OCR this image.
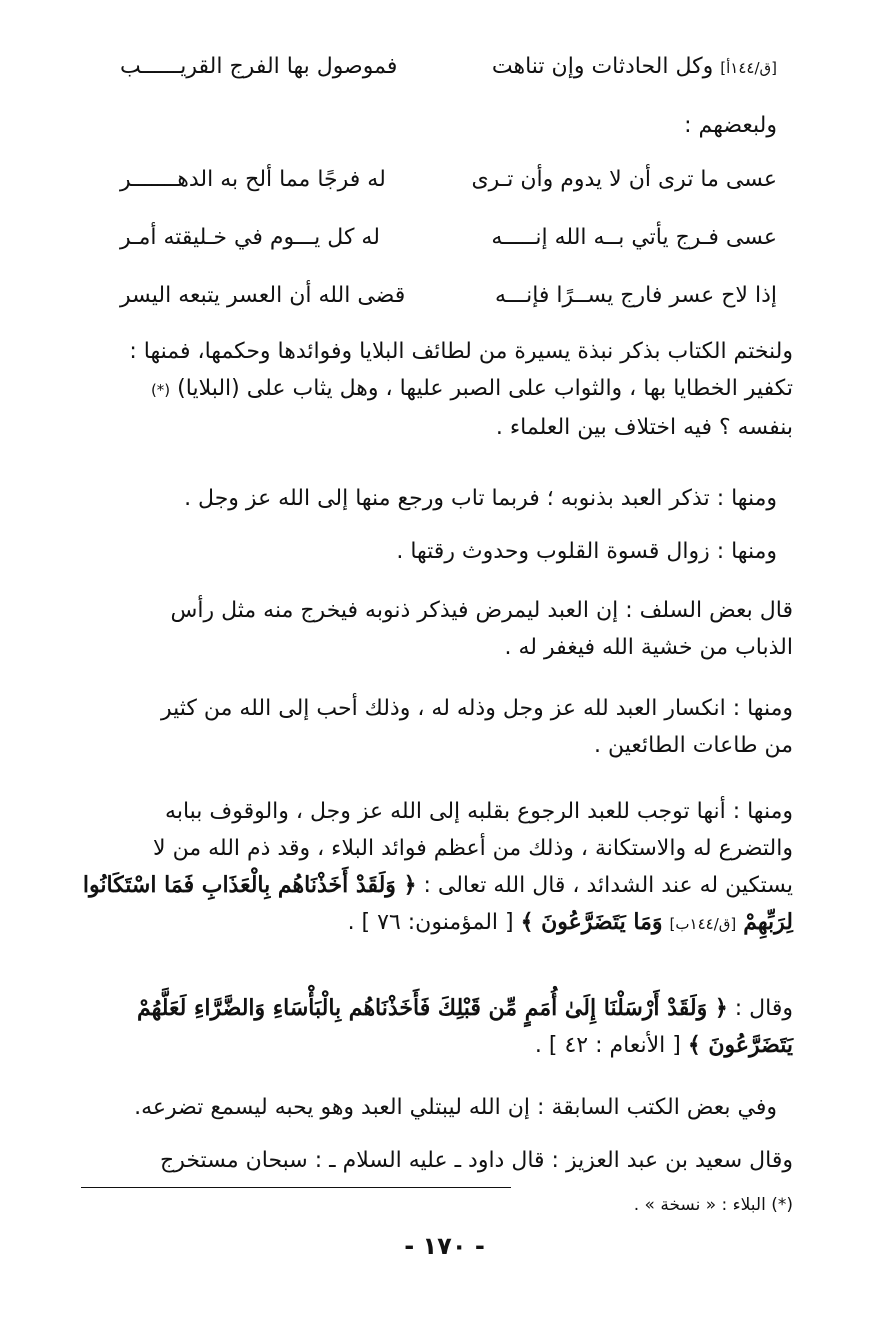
[ق/١٤٤أ] وكل الحادثات وإن تناهت
فموصول بها الفرج القريــــــب
ولبعضهم :
عسى ما ترى أن لا يدوم وأن تـرى
له فرجًا مما ألح به الدهـــــــر
عسى فـرج يأتي بــه الله إنـــــه
له كل يـــوم في خـليقته أمـر
إذا لاح عسر فارج يســرًا فإنـــه
قضى الله أن العسر يتبعه اليسر
ولنختم الكتاب بذكر نبذة يسيرة من لطائف البلايا وفوائدها وحكمها، فمنها :
تكفير الخطايا بها ، والثواب على الصبر عليها ، وهل يثاب على (البلايا) (*)
بنفسه ؟ فيه اختلاف بين العلماء .
ومنها : تذكر العبد بذنوبه ؛ فربما تاب ورجع منها إلى الله عز وجل .
ومنها : زوال قسوة القلوب وحدوث رقتها .
قال بعض السلف : إن العبد ليمرض فيذكر ذنوبه فيخرج منه مثل رأس
الذباب من خشية الله فيغفر له .
ومنها : انكسار العبد لله عز وجل وذله له ، وذلك أحب إلى الله من كثير
من طاعات الطائعين .
ومنها : أنها توجب للعبد الرجوع بقلبه إلى الله عز وجل ، والوقوف ببابه
والتضرع له والاستكانة ، وذلك من أعظم فوائد البلاء ، وقد ذم الله من لا
يستكين له عند الشدائد ، قال الله تعالى : ﴿ وَلَقَدْ أَخَذْنَاهُم بِالْعَذَابِ فَمَا اسْتَكَانُوا
لِرَبِّهِمْ [ق/١٤٤ب] وَمَا يَتَضَرَّعُونَ ﴾ [ المؤمنون: ٧٦ ] .
وقال : ﴿ وَلَقَدْ أَرْسَلْنَا إِلَىٰ أُمَمٍ مِّن قَبْلِكَ فَأَخَذْنَاهُم بِالْبَأْسَاءِ وَالضَّرَّاءِ لَعَلَّهُمْ
يَتَضَرَّعُونَ ﴾ [ الأنعام : ٤٢ ] .
وفي بعض الكتب السابقة : إن الله ليبتلي العبد وهو يحبه ليسمع تضرعه.
وقال سعيد بن عبد العزيز : قال داود ـ عليه السلام ـ : سبحان مستخرج
(*) البلاء : « نسخة » .
- ١٧٠ -
